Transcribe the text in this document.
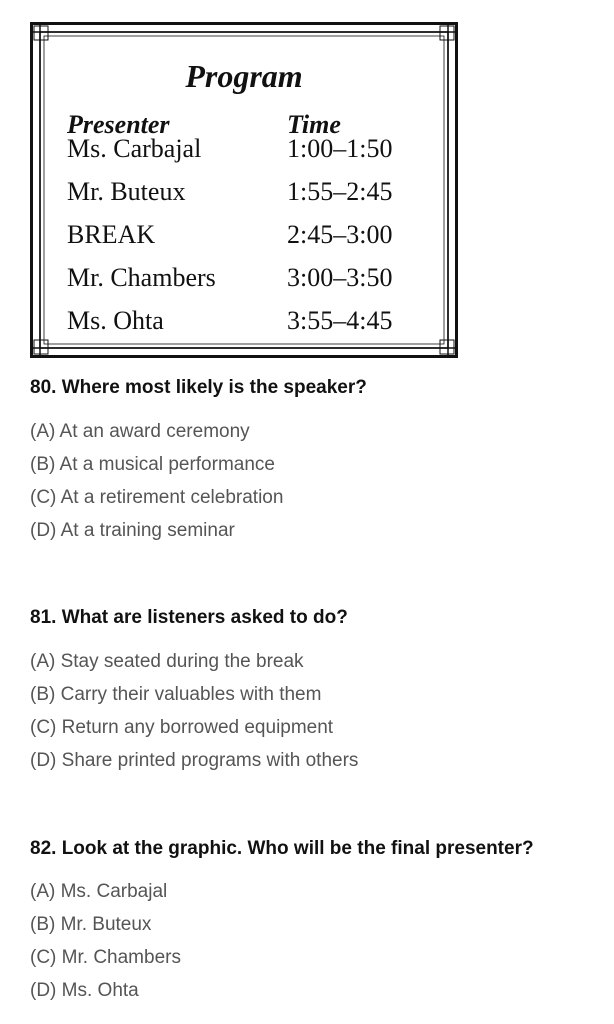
Program
Presenter	Time
Ms. Carbajal	1:00–1:50
Mr. Buteux	1:55–2:45
BREAK	2:45–3:00
Mr. Chambers	3:00–3:50
Ms. Ohta	3:55–4:45
80. Where most likely is the speaker?
(A) At an award ceremony
(B) At a musical performance
(C) At a retirement celebration
(D) At a training seminar
81. What are listeners asked to do?
(A) Stay seated during the break
(B) Carry their valuables with them
(C) Return any borrowed equipment
(D) Share printed programs with others
82. Look at the graphic. Who will be the final presenter?
(A) Ms. Carbajal
(B) Mr. Buteux
(C) Mr. Chambers
(D) Ms. Ohta
